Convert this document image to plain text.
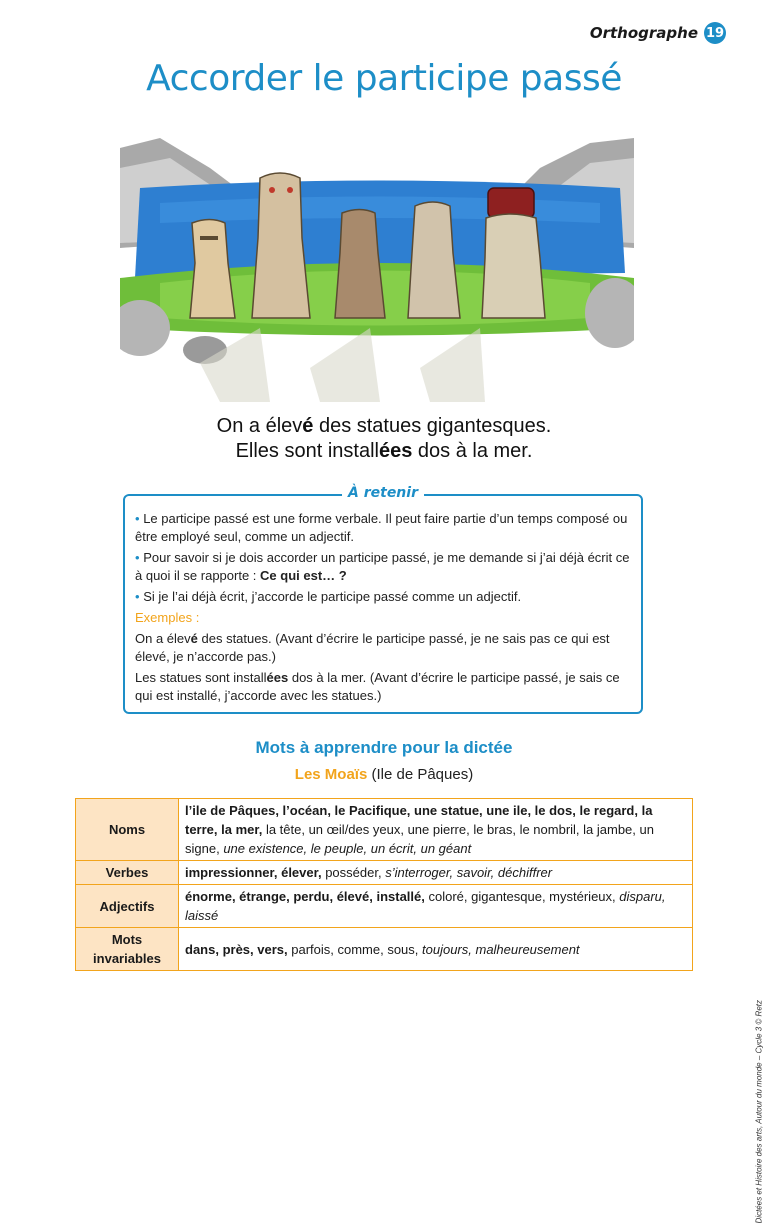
Orthographe 19
Accorder le participe passé
On a élevé des statues gigantesques.
Elles sont installées dos à la mer.
À retenir

• Le participe passé est une forme verbale. Il peut faire partie d’un temps composé ou être employé seul, comme un adjectif.

• Pour savoir si je dois accorder un participe passé, je me demande si j’ai déjà écrit ce à quoi il se rapporte : Ce qui est… ?

• Si je l’ai déjà écrit, j’accorde le participe passé comme un adjectif.

Exemples :

On a élevé des statues. (Avant d’écrire le participe passé, je ne sais pas ce qui est élevé, je n’accorde pas.)

Les statues sont installées dos à la mer. (Avant d’écrire le participe passé, je sais ce qui est installé, j’accorde avec les statues.)

Mots à apprendre pour la dictée
Les Moaïs (Ile de Pâques)
Noms	l’ile de Pâques, l’océan, le Pacifique, une statue, une ile, le dos, le regard, la terre, la mer, la tête, un œil/des yeux, une pierre, le bras, le nombril, la jambe, un signe, une existence, le peuple, un écrit, un géant
Verbes	impressionner, élever, posséder, s’interroger, savoir, déchiffrer
Adjectifs	énorme, étrange, perdu, élevé, installé, coloré, gigantesque, mystérieux, disparu, laissé
Mots invariables	dans, près, vers, parfois, comme, sous, toujours, malheureusement
Dictées et Histoire des arts, Autour du monde – Cycle 3 © Retz
